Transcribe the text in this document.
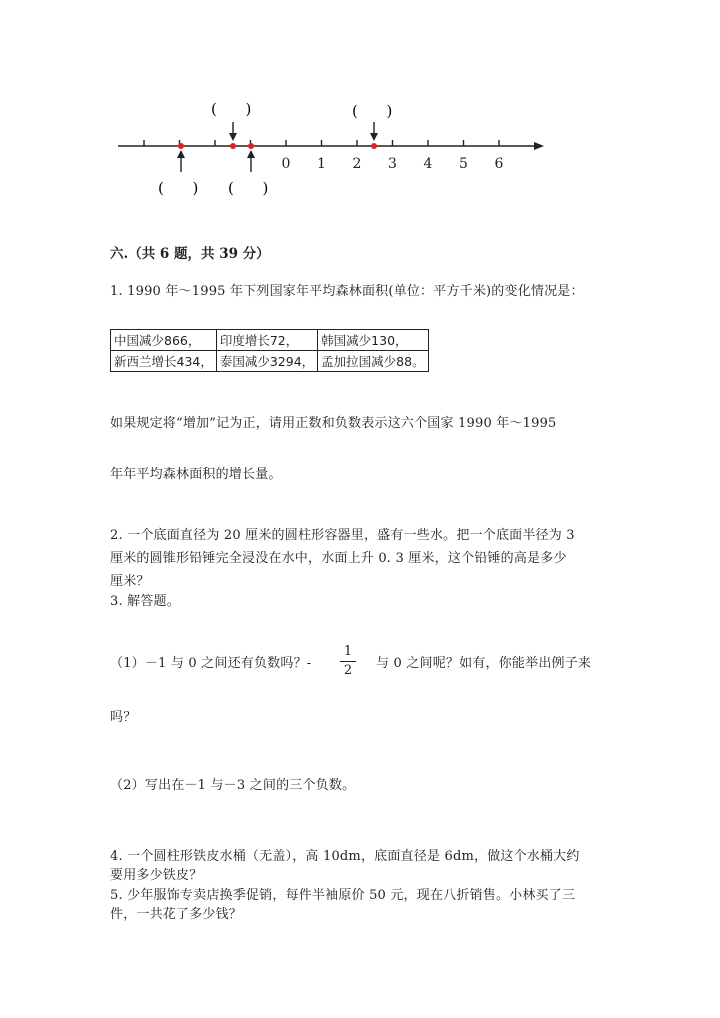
0 1 2 3 4 5 6
(      )	(      )
(      ) (      )
六.（共 6 题，共 39 分）
1. 1990 年～1995 年下列国家年平均森林面积(单位：平方千米)的变化情况是：
中国减少866，	印度增长72，	韩国减少130，
新西兰增长434，	泰国减少3294，	孟加拉国减少88。
如果规定将“增加”记为正，请用正数和负数表示这六个国家 1990 年～1995
年年平均森林面积的增长量。
2. 一个底面直径为 20 厘米的圆柱形容器里，盛有一些水。把一个底面半径为 3
厘米的圆锥形铅锤完全浸没在水中，水面上升 0. 3 厘米，这个铅锤的高是多少
厘米？
3. 解答题。
（1）－1 与 0 之间还有负数吗？-
1
2 与 0 之间呢？如有，你能举出例子来
吗？
（2）写出在－1 与－3 之间的三个负数。
4. 一个圆柱形铁皮水桶（无盖），高 10dm，底面直径是 6dm，做这个水桶大约
要用多少铁皮？
5. 少年服饰专卖店换季促销，每件半袖原价 50 元，现在八折销售。小林买了三
件，一共花了多少钱？
